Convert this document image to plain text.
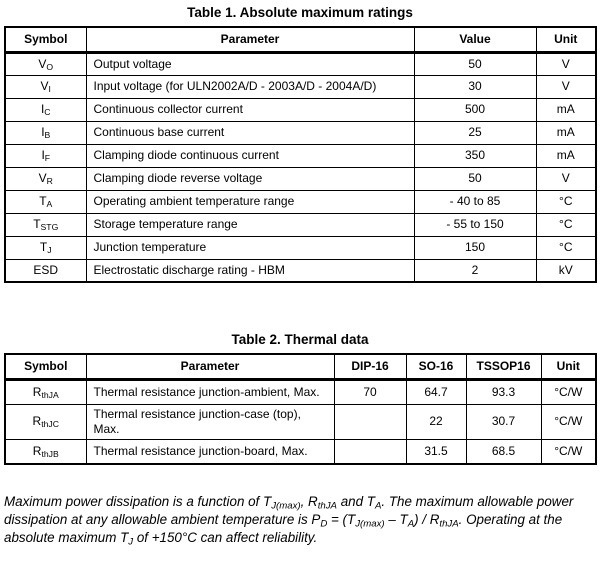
Table 1. Absolute maximum ratings
Symbol	Parameter	Value	Unit
$V_O$	Output voltage	50	V
$V_I$	Input voltage (for ULN2002A/D - 2003A/D - 2004A/D)	30	V
$I_C$	Continuous collector current	500	mA
$I_B$	Continuous base current	25	mA
$I_F$	Clamping diode continuous current	350	mA
$V_R$	Clamping diode reverse voltage	50	V
$T_A$	Operating ambient temperature range	- 40 to 85	°C
$T_{STG}$	Storage temperature range	- 55 to 150	°C
$T_J$	Junction temperature	150	°C
ESD	Electrostatic discharge rating - HBM	2	kV
Table 2. Thermal data
Symbol	Parameter	DIP-16	SO-16	TSSOP16	Unit
$R_{thJA}$	Thermal resistance junction-ambient, Max.	70	64.7	93.3	°C/W
$R_{thJC}$	Thermal resistance junction-case (top), Max.		22	30.7	°C/W
$R_{thJB}$	Thermal resistance junction-board, Max.		31.5	68.5	°C/W

Maximum power dissipation is a function of $T_{J(max)}$, $R_{thJA}$ and $T_A$. The maximum allowable power dissipation at any allowable ambient temperature is $P_D = (T_{J(max)} - T_A) / R_{thJA}$. Operating at the absolute maximum $T_J$ of +150°C can affect reliability.
